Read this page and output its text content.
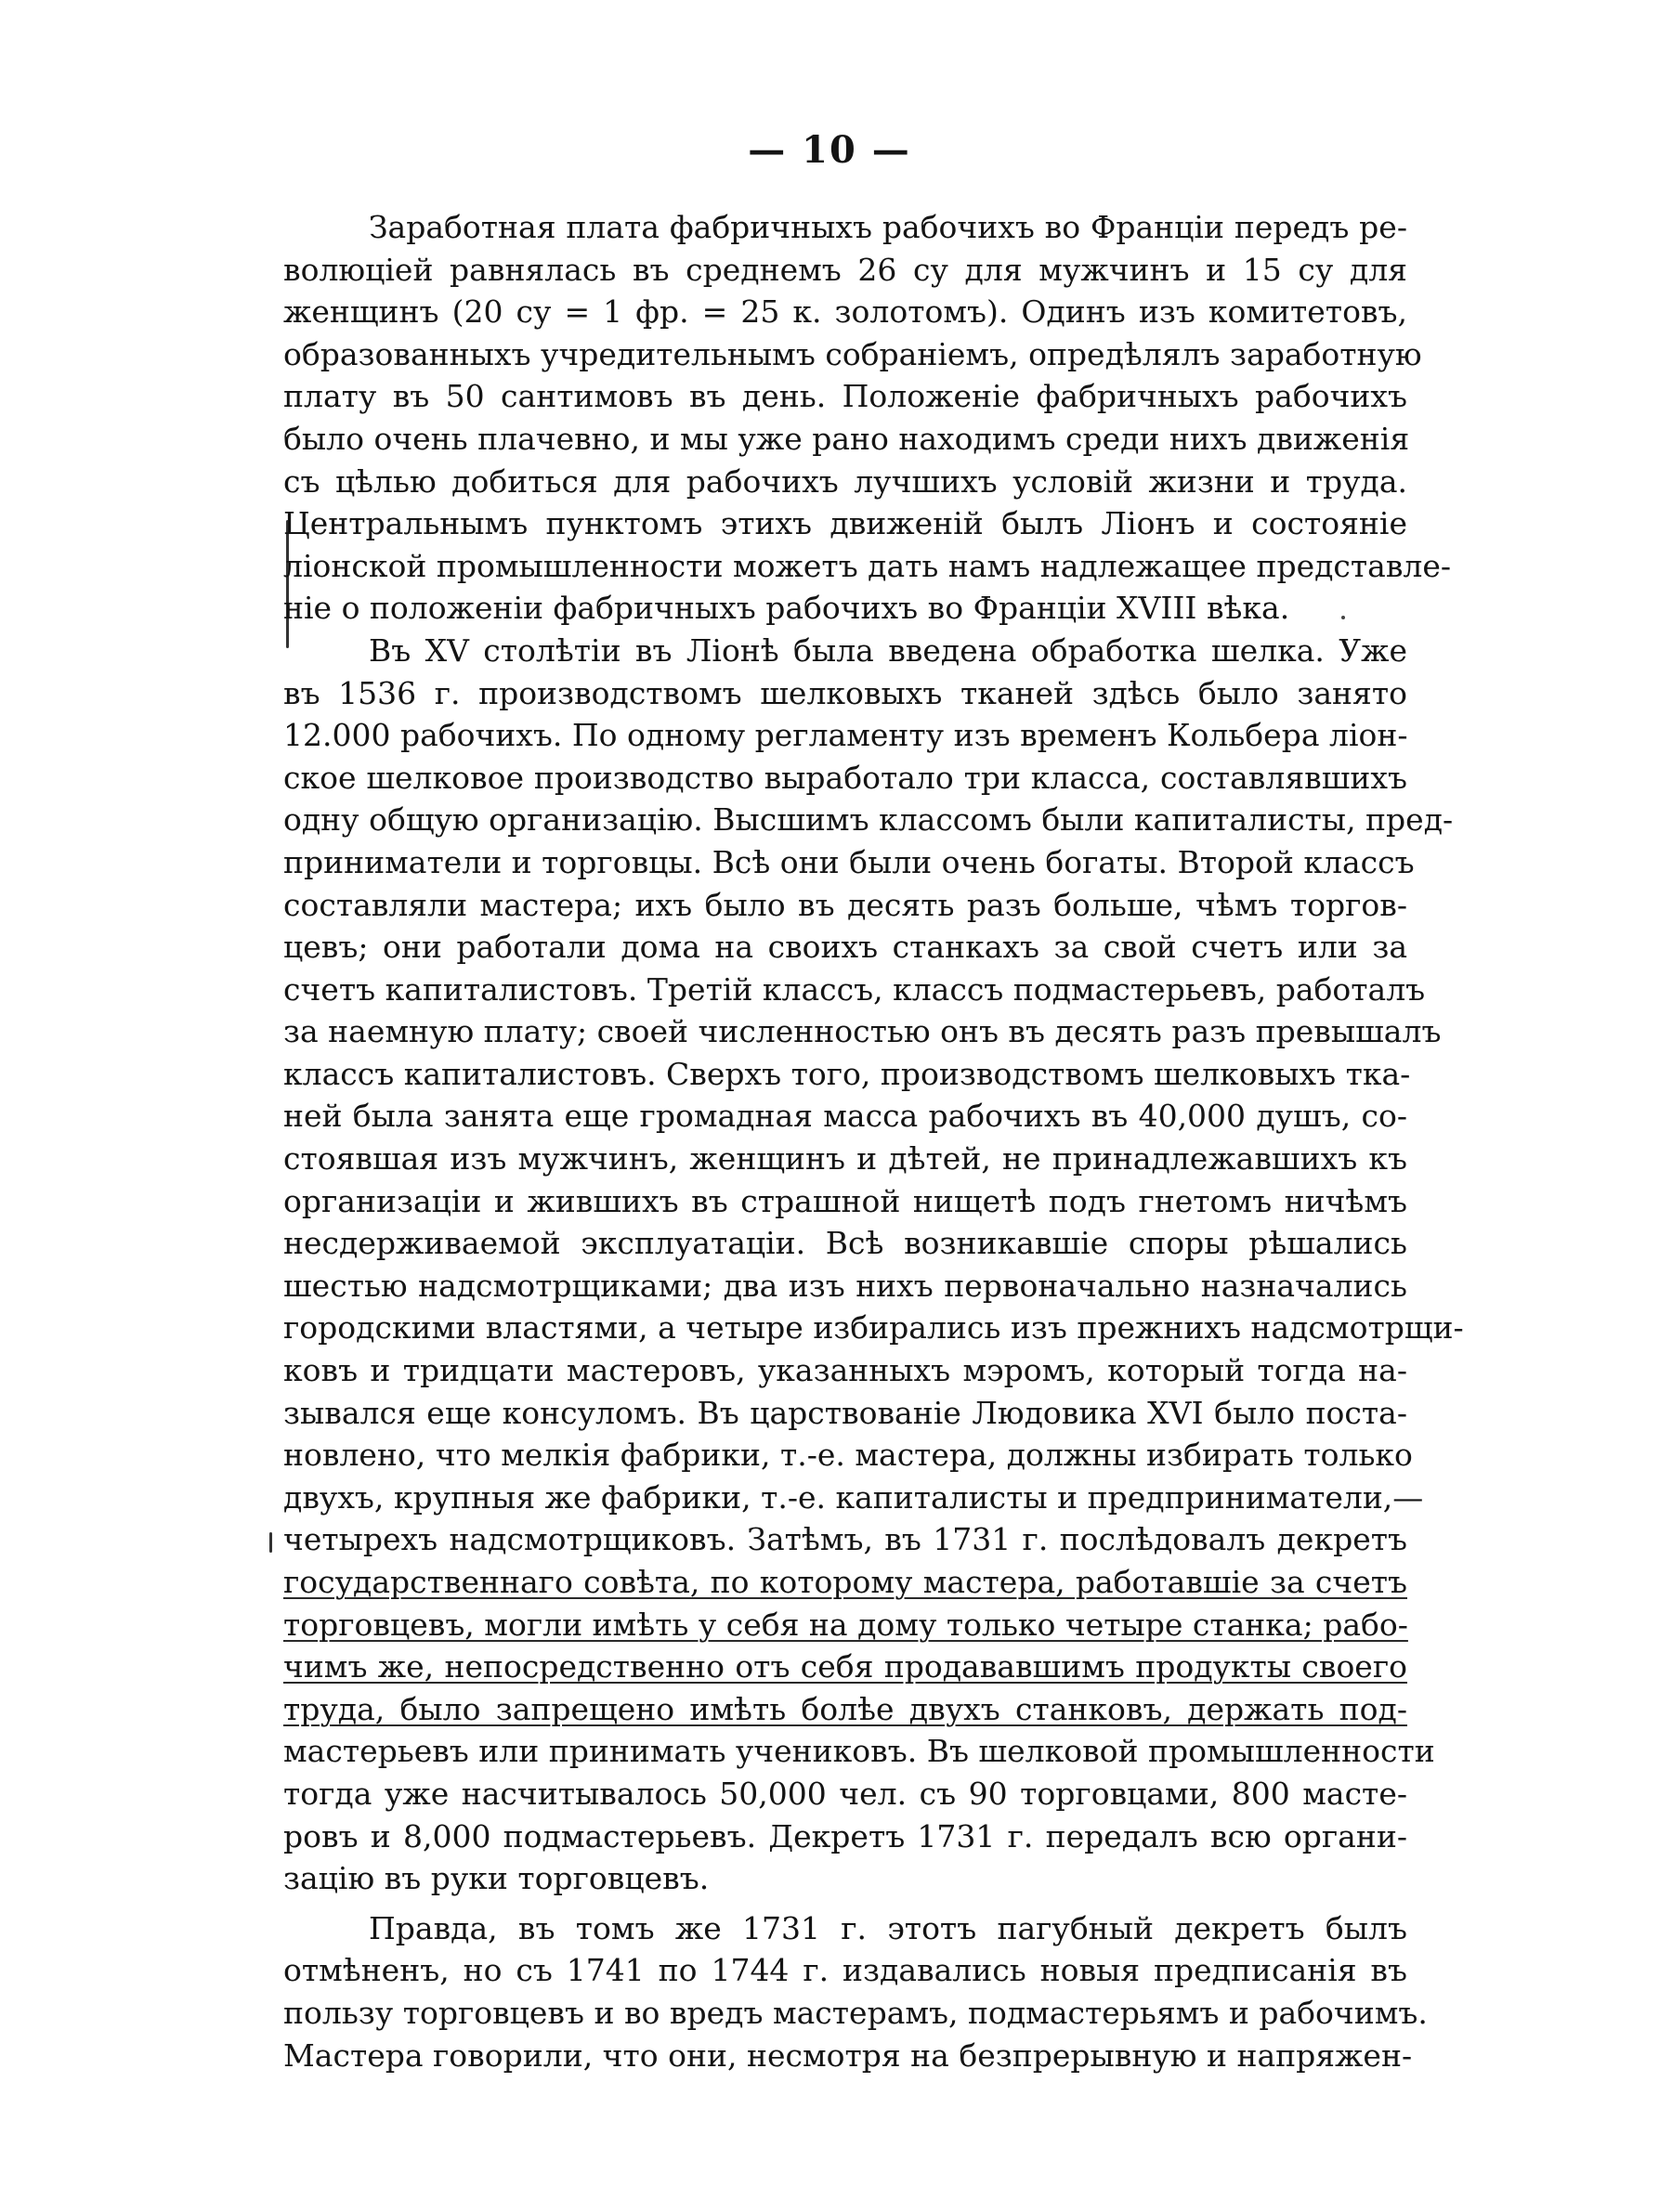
— 10 —
Заработная плата фабричныхъ рабочихъ во Франціи передъ ре-
волюціей равнялась въ среднемъ 26 су для мужчинъ и 15 су для
женщинъ (20 су = 1 фр. = 25 к. золотомъ). Одинъ изъ комитетовъ,
образованныхъ учредительнымъ собраніемъ, опредѣлялъ заработную
плату въ 50 сантимовъ въ день. Положеніе фабричныхъ рабочихъ
было очень плачевно, и мы уже рано находимъ среди нихъ движенія
съ цѣлью добиться для рабочихъ лучшихъ условій жизни и труда.
Центральнымъ пунктомъ этихъ движеній былъ Ліонъ и состояніе
ліонской промышленности можетъ дать намъ надлежащее представле-
ніе о положеніи фабричныхъ рабочихъ во Франціи XVIII вѣка.
Въ XV столѣтіи въ Ліонѣ была введена обработка шелка. Уже
въ 1536 г. производствомъ шелковыхъ тканей здѣсь было занято
12.000 рабочихъ. По одному регламенту изъ временъ Кольбера ліон-
ское шелковое производство выработало три класса, составлявшихъ
одну общую организацію. Высшимъ классомъ были капиталисты, пред-
приниматели и торговцы. Всѣ они были очень богаты. Второй классъ
составляли мастера; ихъ было въ десять разъ больше, чѣмъ торгов-
цевъ; они работали дома на своихъ станкахъ за свой счетъ или за
счетъ капиталистовъ. Третій классъ, классъ подмастерьевъ, работалъ
за наемную плату; своей численностью онъ въ десять разъ превышалъ
классъ капиталистовъ. Сверхъ того, производствомъ шелковыхъ тка-
ней была занята еще громадная масса рабочихъ въ 40,000 душъ, со-
стоявшая изъ мужчинъ, женщинъ и дѣтей, не принадлежавшихъ къ
организаціи и жившихъ въ страшной нищетѣ подъ гнетомъ ничѣмъ
несдерживаемой эксплуатаціи. Всѣ возникавшіе споры рѣшались
шестью надсмотрщиками; два изъ нихъ первоначально назначались
городскими властями, а четыре избирались изъ прежнихъ надсмотрщи-
ковъ и тридцати мастеровъ, указанныхъ мэромъ, который тогда на-
зывался еще консуломъ. Въ царствованіе Людовика XVI было поста-
новлено, что мелкія фабрики, т.-е. мастера, должны избирать только
двухъ, крупныя же фабрики, т.-е. капиталисты и предприниматели,—
четырехъ надсмотрщиковъ. Затѣмъ, въ 1731 г. послѣдовалъ декретъ
государственнаго совѣта, по которому мастера, работавшіе за счетъ
торговцевъ, могли имѣть у себя на дому только четыре станка; рабо-
чимъ же, непосредственно отъ себя продававшимъ продукты своего
труда, было запрещено имѣть болѣе двухъ станковъ, держать под-
мастерьевъ или принимать учениковъ. Въ шелковой промышленности
тогда уже насчитывалось 50,000 чел. съ 90 торговцами, 800 масте-
ровъ и 8,000 подмастерьевъ. Декретъ 1731 г. передалъ всю органи-
зацію въ руки торговцевъ.
Правда, въ томъ же 1731 г. этотъ пагубный декретъ былъ
отмѣненъ, но съ 1741 по 1744 г. издавались новыя предписанія въ
пользу торговцевъ и во вредъ мастерамъ, подмастерьямъ и рабочимъ.
Мастера говорили, что они, несмотря на безпрерывную и напряжен-
